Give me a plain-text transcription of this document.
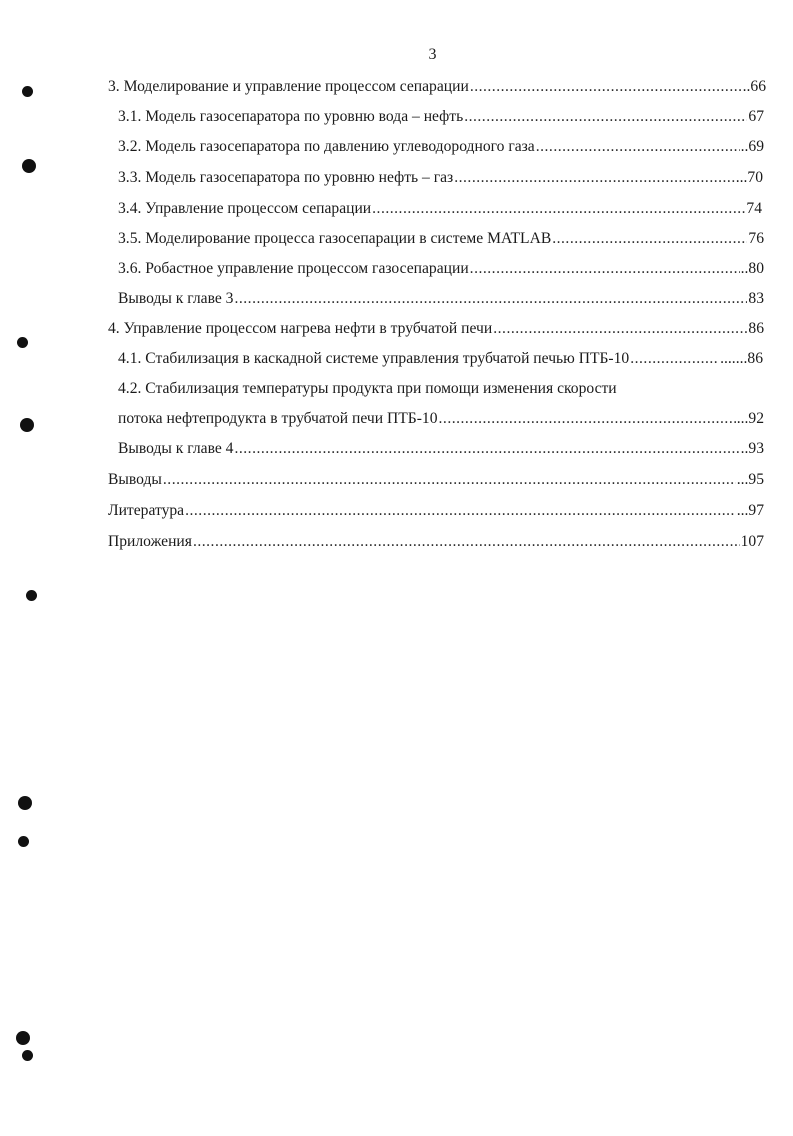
3
3. Моделирование и управление процессом сепарации .....	..66
3.1. Модель газосепаратора по уровню вода – нефть .....	67
3.2. Модель газосепаратора по давлению углеводородного газа .....	..69
3.3. Модель газосепаратора по уровню нефть – газ .....	...70
3.4. Управление процессом сепарации .....	74
3.5. Моделирование процесса газосепарации в системе MATLAB .....	76
3.6. Робастное управление процессом газосепарации .....	..80
Выводы к главе 3 .....	83
4. Управление процессом нагрева нефти в трубчатой печи .....	86
4.1. Стабилизация в каскадной системе управления трубчатой печью ПТБ-10 .....	.......86
4.2. Стабилизация температуры продукта при помощи изменения скорости
потока нефтепродукта в трубчатой печи ПТБ-10 .....	...92
Выводы к главе 4 .....	..93
Выводы .....	...95
Литература .....	...97
Приложения .....	107
